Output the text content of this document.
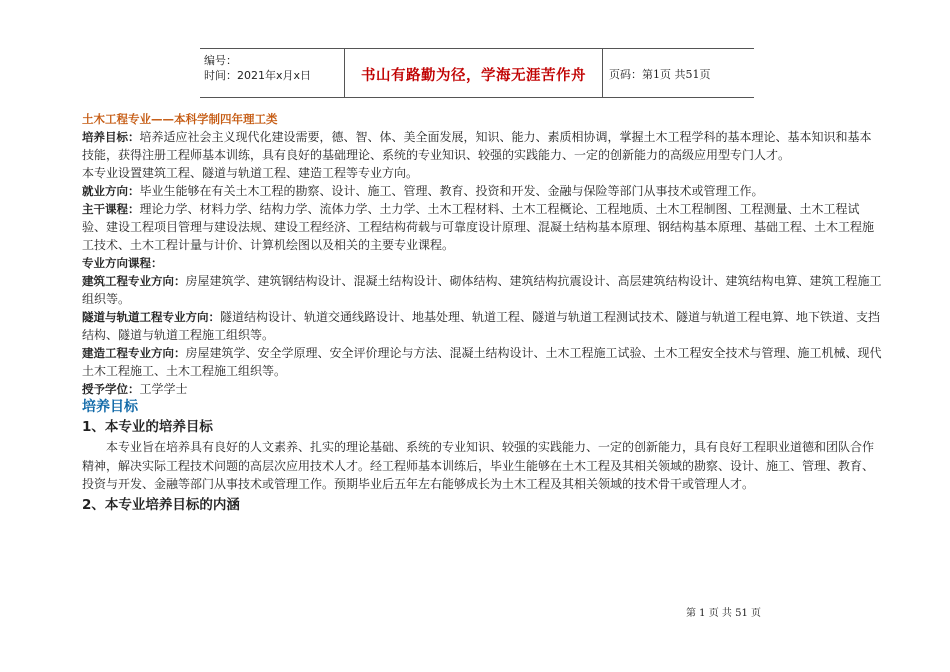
编号：
时间：2021年x月x日	书山有路勤为径，学海无涯苦作舟	页码：第1页 共51页

土木工程专业——本科学制四年理工类

培养目标：培养适应社会主义现代化建设需要，德、智、体、美全面发展，知识、能力、素质相协调，掌握土木工程学科的基本理论、基本知识和基本技能，获得注册工程师基本训练，具有良好的基础理论、系统的专业知识、较强的实践能力、一定的创新能力的高级应用型专门人才。

本专业设置建筑工程、隧道与轨道工程、建造工程等专业方向。

就业方向：毕业生能够在有关土木工程的勘察、设计、施工、管理、教育、投资和开发、金融与保险等部门从事技术或管理工作。

主干课程：理论力学、材料力学、结构力学、流体力学、土力学、土木工程材料、土木工程概论、工程地质、土木工程制图、工程测量、土木工程试验、建设工程项目管理与建设法规、建设工程经济、工程结构荷载与可靠度设计原理、混凝土结构基本原理、钢结构基本原理、基础工程、土木工程施工技术、土木工程计量与计价、计算机绘图以及相关的主要专业课程。

专业方向课程：

建筑工程专业方向：房屋建筑学、建筑钢结构设计、混凝土结构设计、砌体结构、建筑结构抗震设计、高层建筑结构设计、建筑结构电算、建筑工程施工组织等。

隧道与轨道工程专业方向：隧道结构设计、轨道交通线路设计、地基处理、轨道工程、隧道与轨道工程测试技术、隧道与轨道工程电算、地下铁道、支挡结构、隧道与轨道工程施工组织等。

建造工程专业方向：房屋建筑学、安全学原理、安全评价理论与方法、混凝土结构设计、土木工程施工试验、土木工程安全技术与管理、施工机械、现代土木工程施工、土木工程施工组织等。

授予学位：工学学士

培养目标

1、本专业的培养目标

本专业旨在培养具有良好的人文素养、扎实的理论基础、系统的专业知识、较强的实践能力、一定的创新能力，具有良好工程职业道德和团队合作精神，解决实际工程技术问题的高层次应用技术人才。经工程师基本训练后，毕业生能够在土木工程及其相关领域的勘察、设计、施工、管理、教育、投资与开发、金融等部门从事技术或管理工作。预期毕业后五年左右能够成长为土木工程及其相关领域的技术骨干或管理人才。

2、本专业培养目标的内涵

第 1 页 共 51 页
